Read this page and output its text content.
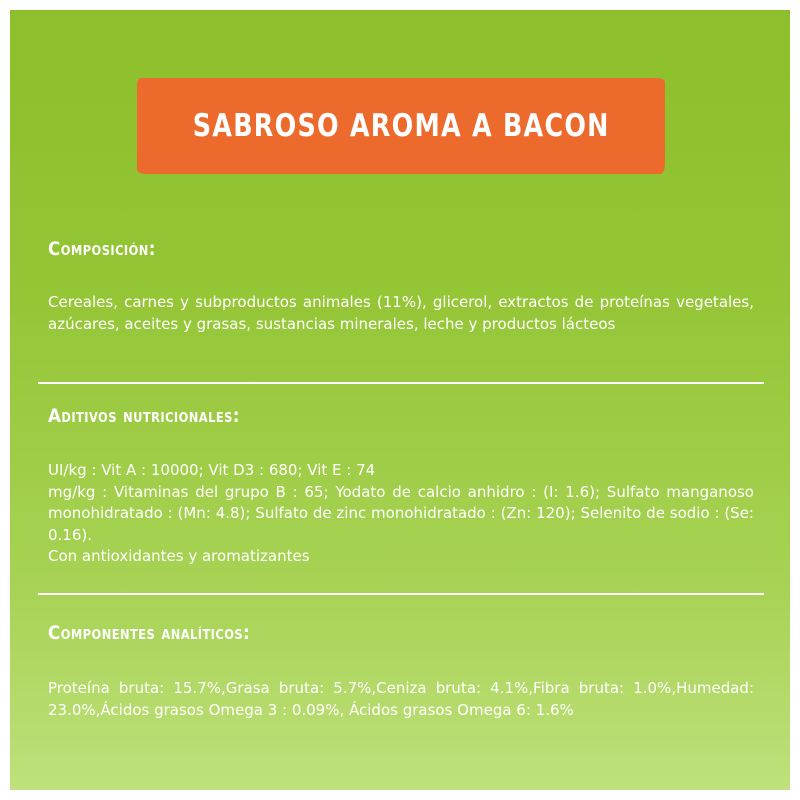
SABROSO AROMA A BACON
Composición:
Cereales, carnes y subproductos animales (11%), glicerol, extractos de proteínas vegetales, azúcares, aceites y grasas, sustancias minerales, leche y productos lácteos
Aditivos nutricionales:
UI/kg : Vit A : 10000; Vit D3 : 680; Vit E : 74
mg/kg : Vitaminas del grupo B : 65; Yodato de calcio anhidro : (I: 1.6); Sulfato manganoso monohidratado : (Mn: 4.8); Sulfato de zinc monohidratado : (Zn: 120); Selenito de sodio : (Se: 0.16).
Con antioxidantes y aromatizantes
Componentes analíticos:
Proteína bruta: 15.7%,Grasa bruta: 5.7%,Ceniza bruta: 4.1%,Fibra bruta: 1.0%,Humedad: 23.0%,Ácidos grasos Omega 3 : 0.09%, Ácidos grasos Omega 6: 1.6%
